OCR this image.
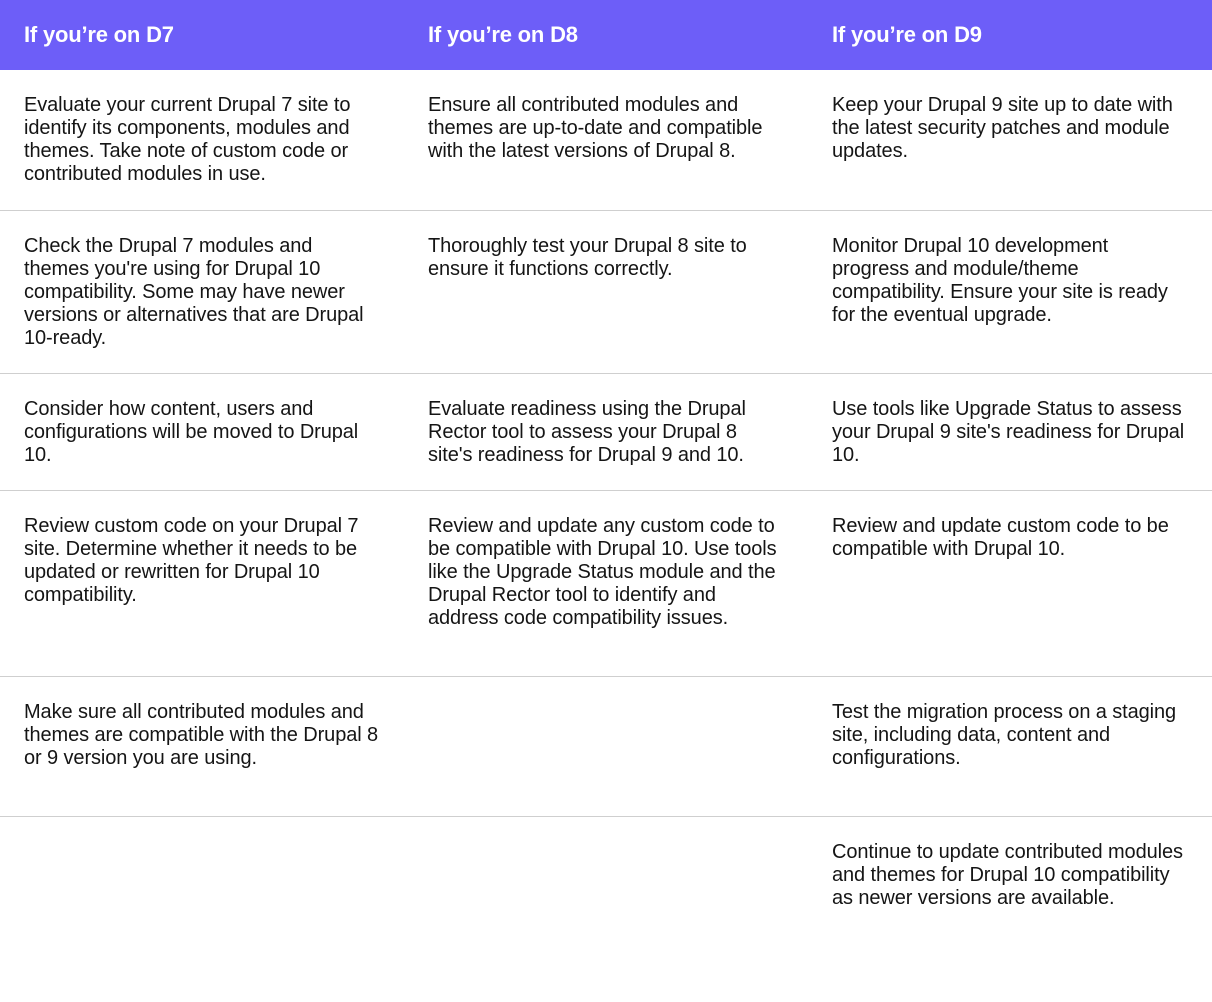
If you’re on D7	If you’re on D8	If you’re on D9
Evaluate your current Drupal 7 site to identify its components, modules and themes. Take note of custom code or contributed modules in use.
Ensure all contributed modules and themes are up-to-date and compatible with the latest versions of Drupal 8.
Keep your Drupal 9 site up to date with the latest security patches and module updates.
Check the Drupal 7 modules and themes you're using for Drupal 10 compatibility. Some may have newer versions or alternatives that are Drupal 10-ready.
Thoroughly test your Drupal 8 site to ensure it functions correctly.
Monitor Drupal 10 development progress and module/theme compatibility. Ensure your site is ready for the eventual upgrade.
Consider how content, users and configurations will be moved to Drupal 10.
Evaluate readiness using the Drupal Rector tool to assess your Drupal 8 site's readiness for Drupal 9 and 10.
Use tools like Upgrade Status to assess your Drupal 9 site's readiness for Drupal 10.
Review custom code on your Drupal 7 site. Determine whether it needs to be updated or rewritten for Drupal 10 compatibility.
Review and update any custom code to be compatible with Drupal 10. Use tools like the Upgrade Status module and the Drupal Rector tool to identify and address code compatibility issues.
Review and update custom code to be compatible with Drupal 10.
Make sure all contributed modules and themes are compatible with the Drupal 8 or 9 version you are using.
Test the migration process on a staging site, including data, content and configurations.
Continue to update contributed modules and themes for Drupal 10 compatibility as newer versions are available.
